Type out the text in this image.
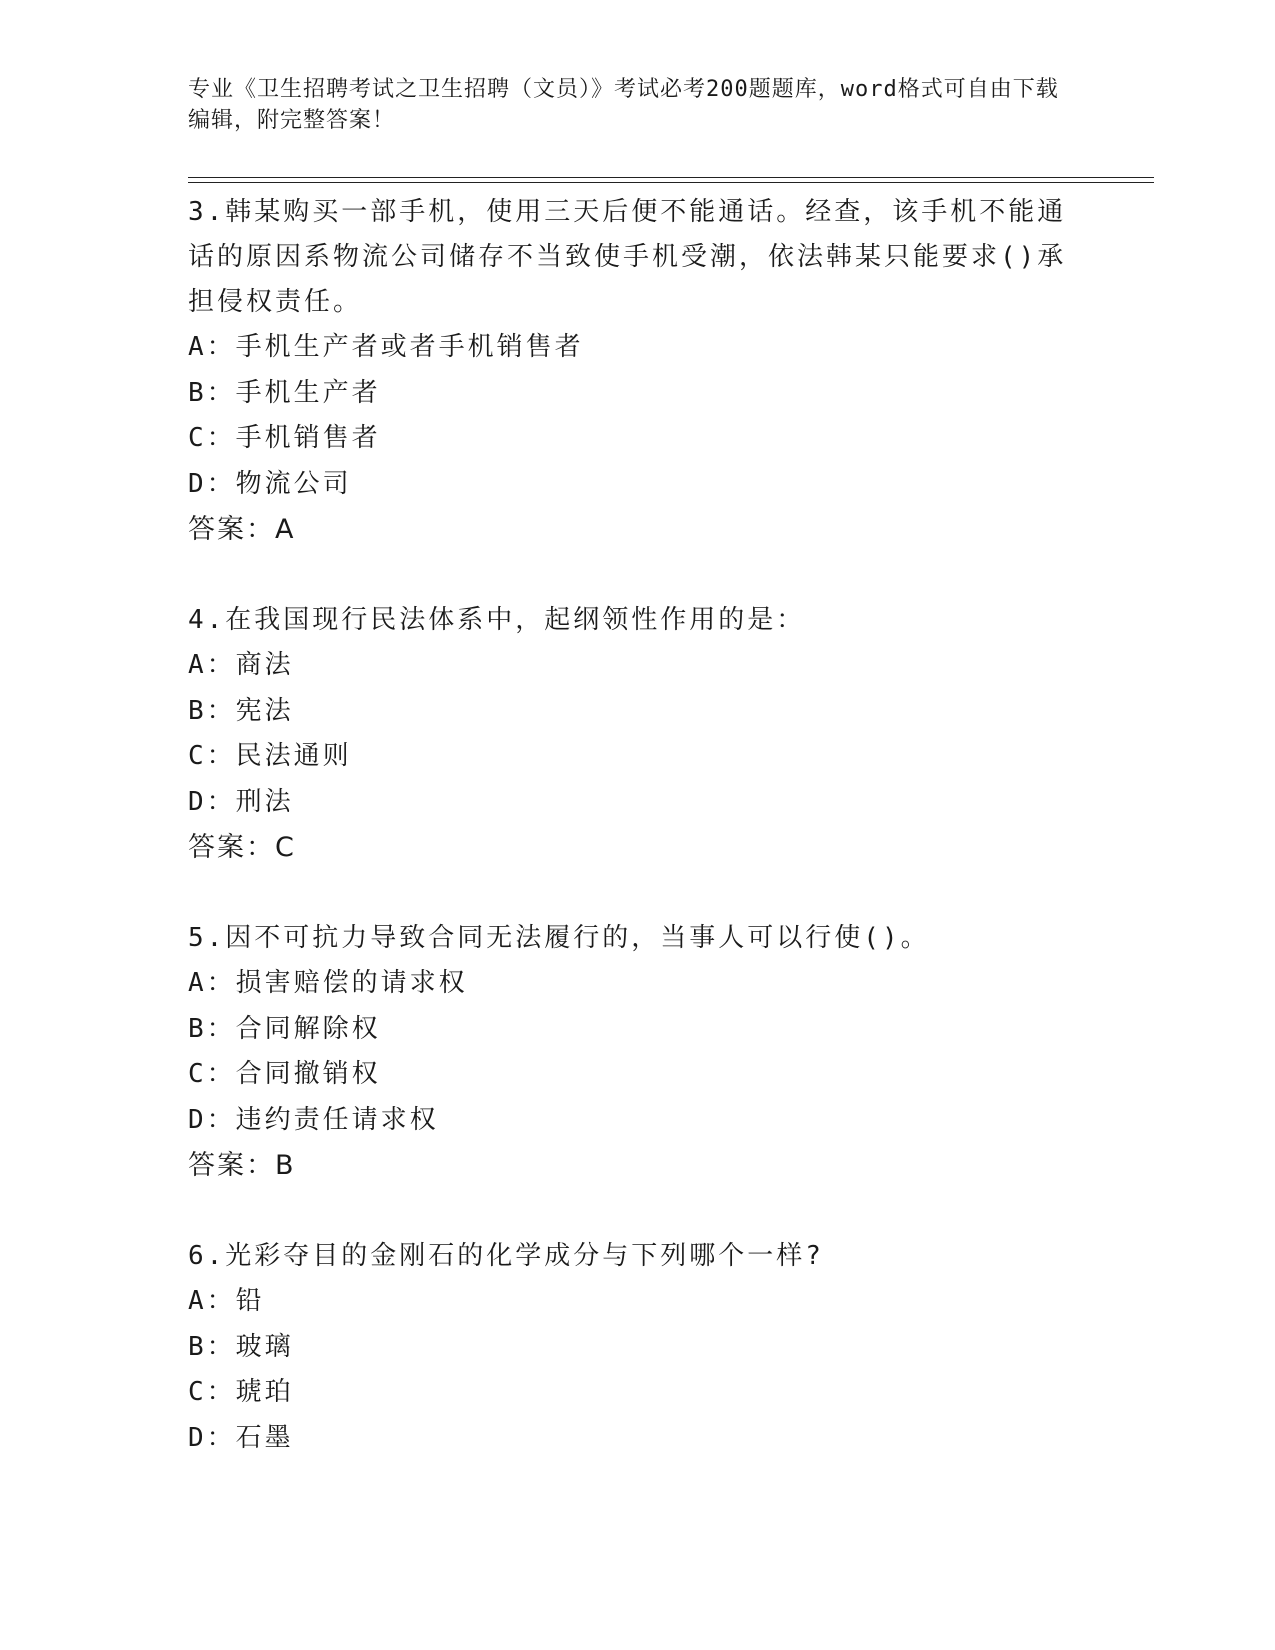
专业《卫生招聘考试之卫生招聘（文员）》考试必考200题题库，word格式可自由下载编辑，附完整答案！
3.韩某购买一部手机，使用三天后便不能通话。经查，该手机不能通话的原因系物流公司储存不当致使手机受潮，依法韩某只能要求()承担侵权责任。
A：手机生产者或者手机销售者
B：手机生产者
C：手机销售者
D：物流公司
答案：A
4.在我国现行民法体系中，起纲领性作用的是：
A：商法
B：宪法
C：民法通则
D：刑法
答案：C
5.因不可抗力导致合同无法履行的，当事人可以行使()。
A：损害赔偿的请求权
B：合同解除权
C：合同撤销权
D：违约责任请求权
答案：B
6.光彩夺目的金刚石的化学成分与下列哪个一样?
A：铅
B：玻璃
C：琥珀
D：石墨
